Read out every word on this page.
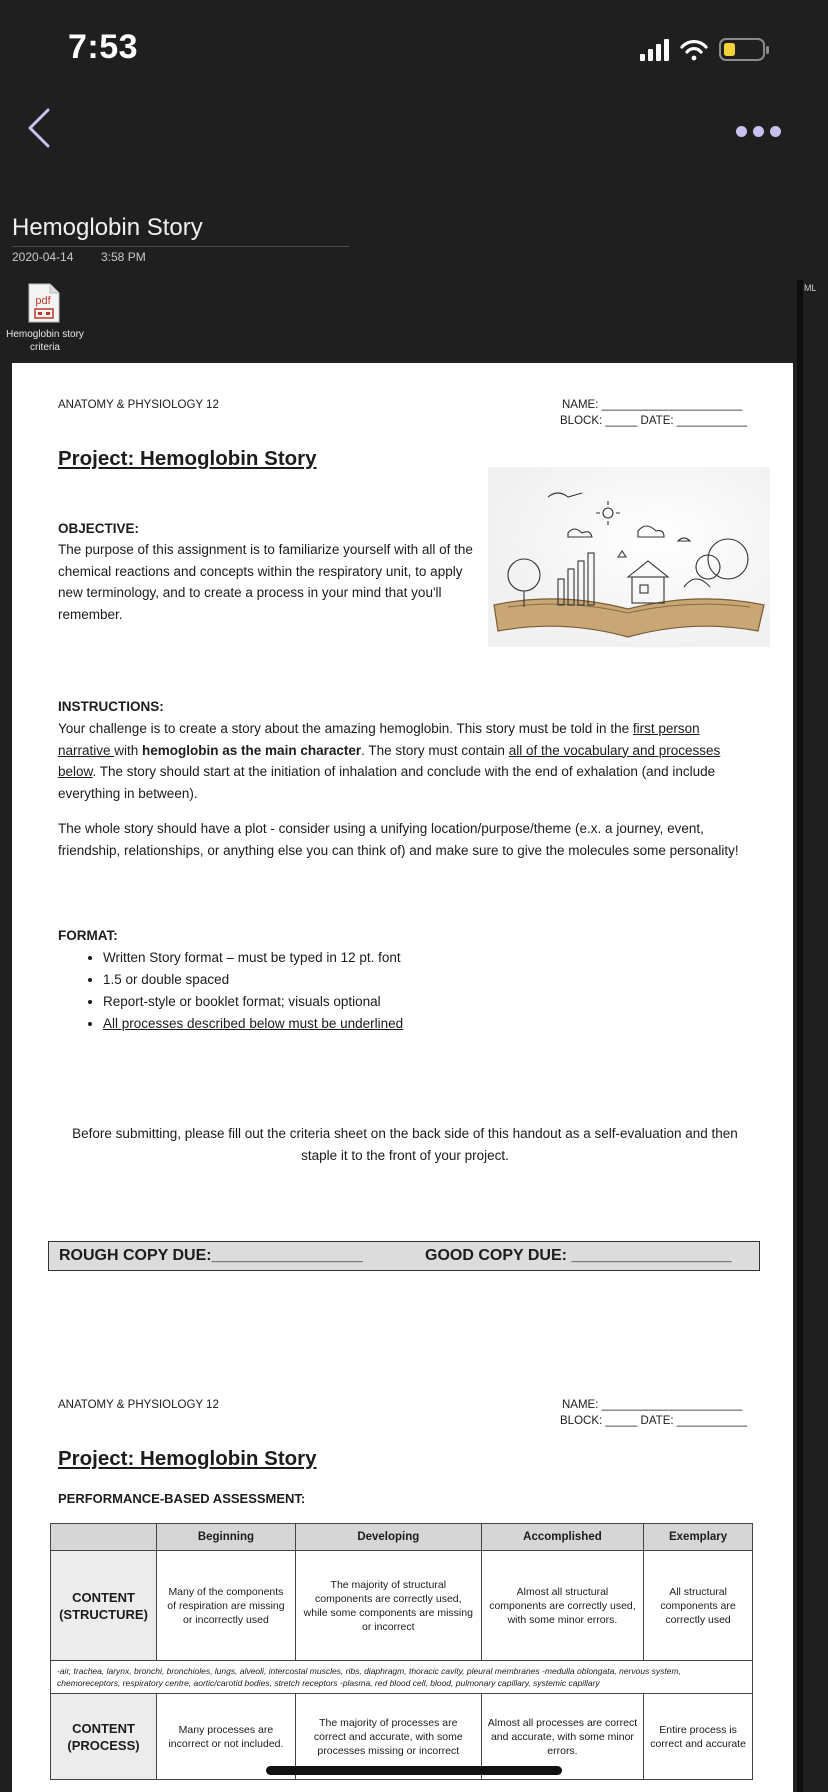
7:53
Hemoglobin Story
2020-04-14 3:58 PM
ML
pdf
Hemoglobin story criteria
ANATOMY & PHYSIOLOGY 12	NAME: ______________________
BLOCK: _____ DATE: ___________
Project: Hemoglobin Story
OBJECTIVE:
The purpose of this assignment is to familiarize yourself with all of the chemical reactions and concepts within the respiratory unit, to apply new terminology, and to create a process in your mind that you'll remember.
INSTRUCTIONS:
Your challenge is to create a story about the amazing hemoglobin. This story must be told in the first person narrative with hemoglobin as the main character. The story must contain all of the vocabulary and processes below. The story should start at the initiation of inhalation and conclude with the end of exhalation (and include everything in between).
The whole story should have a plot - consider using a unifying location/purpose/theme (e.x. a journey, event, friendship, relationships, or anything else you can think of) and make sure to give the molecules some personality!
FORMAT:
• Written Story format – must be typed in 12 pt. font
• 1.5 or double spaced
• Report-style or booklet format; visuals optional
• All processes described below must be underlined
Before submitting, please fill out the criteria sheet on the back side of this handout as a self-evaluation and then staple it to the front of your project.
ROUGH COPY DUE:_________________	GOOD COPY DUE: __________________
ANATOMY & PHYSIOLOGY 12	NAME: ______________________
BLOCK: _____ DATE: ___________
Project: Hemoglobin Story
PERFORMANCE-BASED ASSESSMENT:
	Beginning	Developing	Accomplished	Exemplary
CONTENT (STRUCTURE)	Many of the components of respiration are missing or incorrectly used	The majority of structural components are correctly used, while some components are missing or incorrect	Almost all structural components are correctly used, with some minor errors.	All structural components are correctly used
-air, trachea, larynx, bronchi, bronchioles, lungs, alveoli, intercostal muscles, ribs, diaphragm, thoracic cavity, pleural membranes -medulla oblongata, nervous system, chemoreceptors, respiratory centre, aortic/carotid bodies, stretch receptors -plasma, red blood cell, blood, pulmonary capillary, systemic capillary				
CONTENT (PROCESS)	Many processes are incorrect or not included.	The majority of processes are correct and accurate, with some processes missing or incorrect	Almost all processes are correct and accurate, with some minor errors.	Entire process is correct and accurate
